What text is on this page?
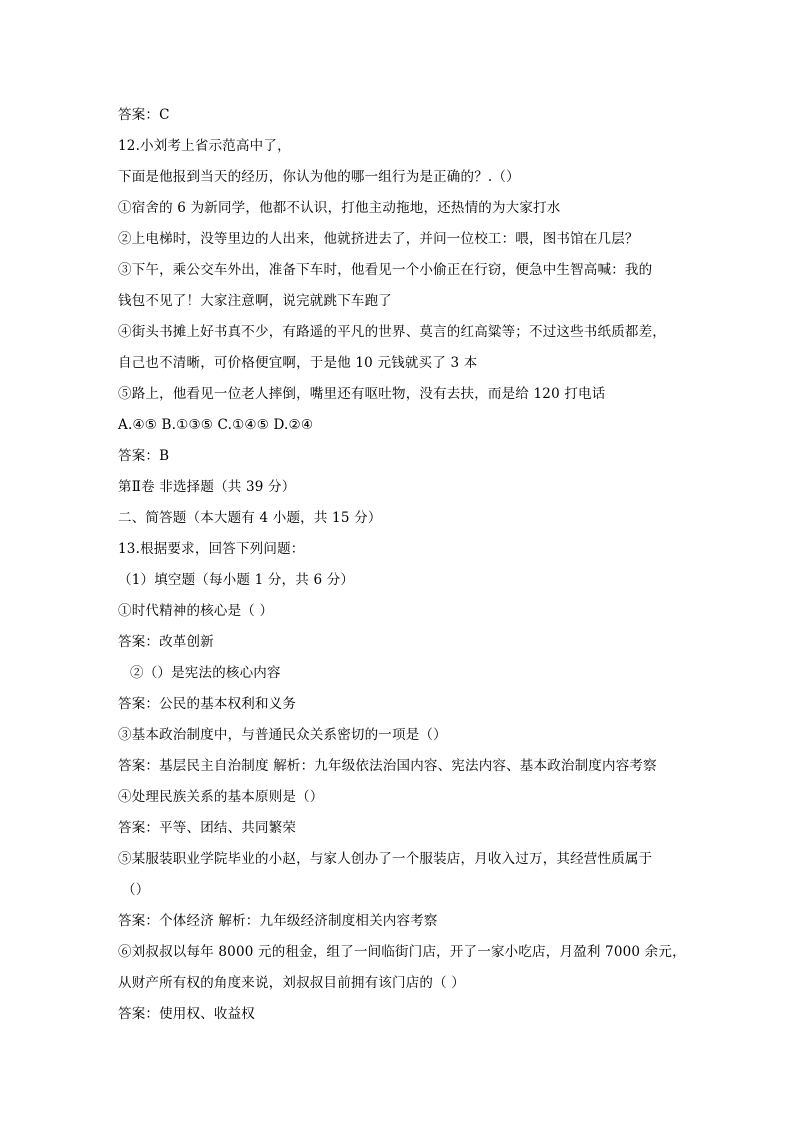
答案：C
12.小刘考上省示范高中了，
下面是他报到当天的经历，你认为他的哪一组行为是正确的？.（）
①宿舍的 6 为新同学，他都不认识，打他主动拖地，还热情的为大家打水
②上电梯时，没等里边的人出来，他就挤进去了，并问一位校工：喂，图书馆在几层？
③下午，乘公交车外出，准备下车时，他看见一个小偷正在行窃，便急中生智高喊：我的
钱包不见了！大家注意啊，说完就跳下车跑了
④街头书摊上好书真不少，有路遥的平凡的世界、莫言的红高粱等；不过这些书纸质都差，
自己也不清晰，可价格便宜啊，于是他 10 元钱就买了 3 本
⑤路上，他看见一位老人摔倒，嘴里还有呕吐物，没有去扶，而是给 120 打电话
A.④⑤ B.①③⑤ C.①④⑤ D.②④
答案：B
第Ⅱ卷 非选择题（共 39 分）
二、简答题（本大题有 4 小题，共 15 分）
13.根据要求，回答下列问题：
（1）填空题（每小题 1 分，共 6 分）
①时代精神的核心是（ ）
答案：改革创新
②（）是宪法的核心内容
答案：公民的基本权利和义务
③基本政治制度中，与普通民众关系密切的一项是（）
答案：基层民主自治制度 解析：九年级依法治国内容、宪法内容、基本政治制度内容考察
④处理民族关系的基本原则是（）
答案：平等、团结、共同繁荣
⑤某服装职业学院毕业的小赵，与家人创办了一个服装店，月收入过万，其经营性质属于
（）
答案：个体经济 解析：九年级经济制度相关内容考察
⑥刘叔叔以每年 8000 元的租金，组了一间临街门店，开了一家小吃店，月盈利 7000 余元，
从财产所有权的角度来说，刘叔叔目前拥有该门店的（ ）
答案：使用权、收益权
